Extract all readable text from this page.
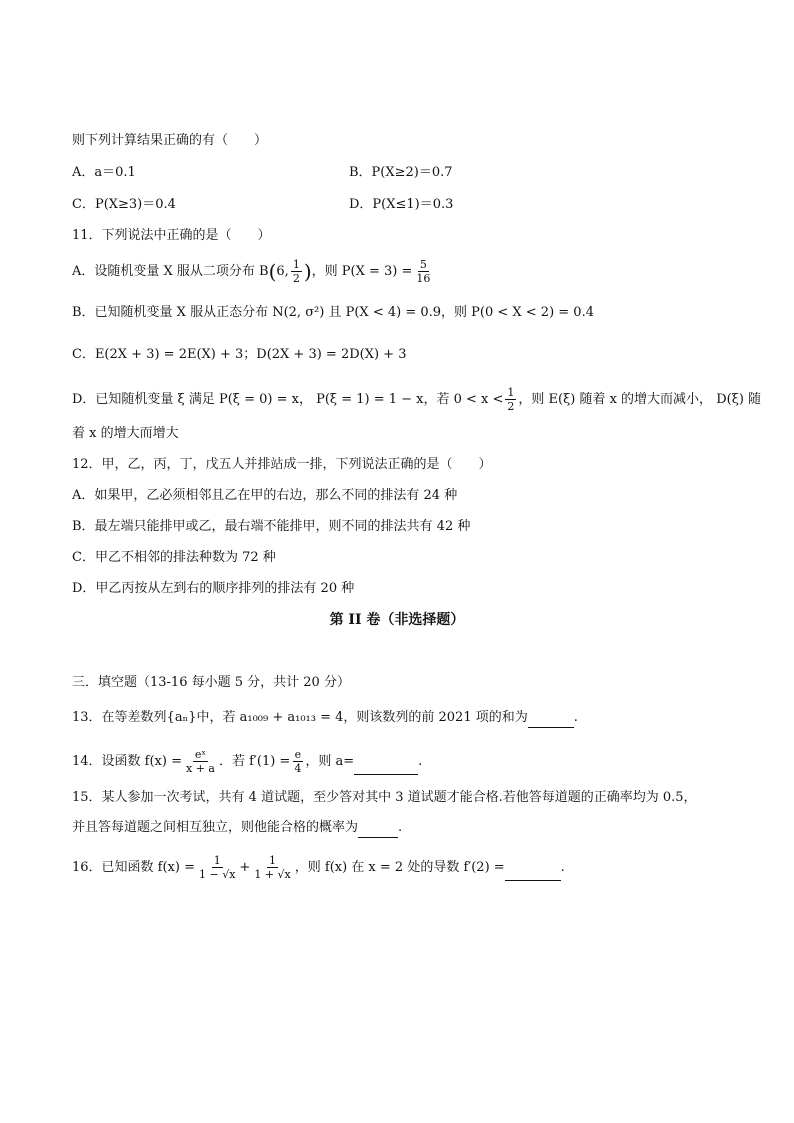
则下列计算结果正确的有（　　）
A．a＝0.1	B．P(X≥2)＝0.7
C．P(X≥3)＝0.4	D．P(X≤1)＝0.3
11．下列说法中正确的是（　　）
A．设随机变量 X 服从二项分布 B(6, $\frac{1}{2}$ )，则 $P(X = 3) = \frac{5}{16}$
B．已知随机变量 X 服从正态分布 N(2, σ²) 且 P(X < 4) = 0.9，则 P(0 < X < 2) = 0.4
C．E(2X + 3) = 2E(X) + 3；D(2X + 3) = 2D(X) + 3
D．已知随机变量 ξ 满足 P(ξ = 0) = x， P(ξ = 1) = 1 − x，若 $0 < x < \frac{1}{2}$ ，则 E(ξ) 随着 x 的增大而减小， D(ξ) 随
着 x 的增大而增大
12．甲，乙，丙，丁，戊五人并排站成一排，下列说法正确的是（　　）
A．如果甲，乙必须相邻且乙在甲的右边，那么不同的排法有 24 种
B．最左端只能排甲或乙，最右端不能排甲，则不同的排法共有 42 种
C．甲乙不相邻的排法种数为 72 种
D．甲乙丙按从左到右的顺序排列的排法有 20 种
第 II 卷（非选择题）
三．填空题（13-16 每小题 5 分，共计 20 分）
13．在等差数列{aₙ}中，若 a₁₀₀₉ + a₁₀₁₃ = 4，则该数列的前 2021 项的和为	.
14．设函数 $f(x) = \frac{\text{eˣ}}{x + a}$ ．若 $f'(1) = \frac{e}{4}$ ，则 a=	.
15．某人参加一次考试，共有 4 道试题，至少答对其中 3 道试题才能合格.若他答每道题的正确率均为 0.5，
并且答每道题之间相互独立，则他能合格的概率为	.
16．已知函数 $f(x) = \frac{1}{1 - √x} + \frac{1}{1 + √x}$ ，则 f(x) 在 x = 2 处的导数 f′(2) =	.
